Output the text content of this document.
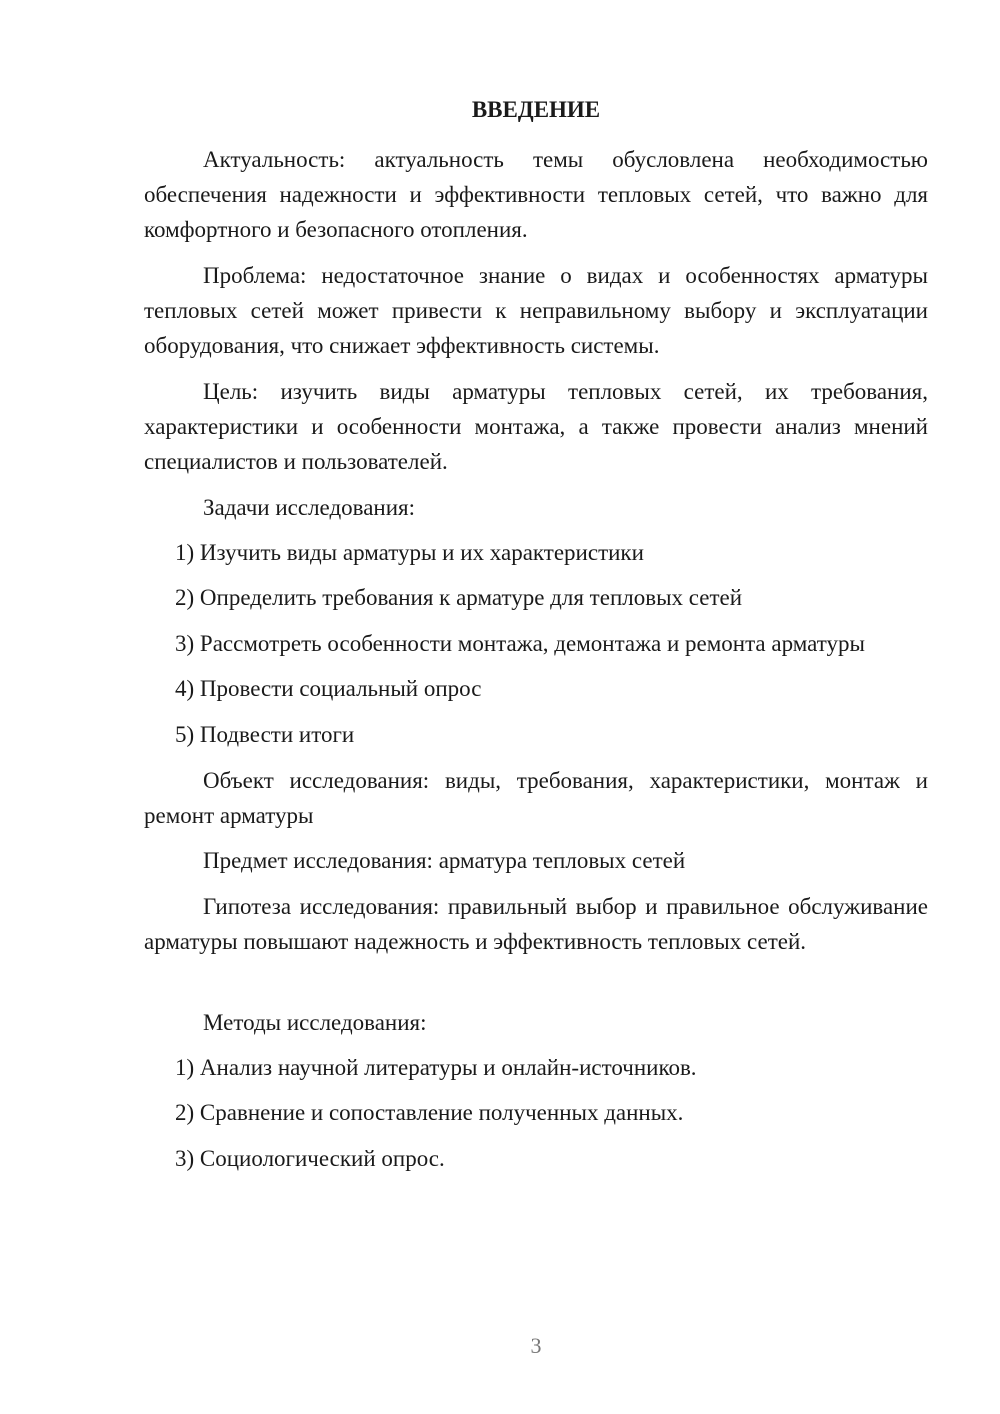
ВВЕДЕНИЕ

Актуальность: актуальность темы обусловлена необходимостью обеспечения надежности и эффективности тепловых сетей, что важно для комфортного и безопасного отопления.

Проблема: недостаточное знание о видах и особенностях арматуры тепловых сетей может привести к неправильному выбору и эксплуатации оборудования, что снижает эффективность системы.

Цель: изучить виды арматуры тепловых сетей, их требования, характеристики и особенности монтажа, а также провести анализ мнений специалистов и пользователей.

Задачи исследования:

1) Изучить виды арматуры и их характеристики

2) Определить требования к арматуре для тепловых сетей

3) Рассмотреть особенности монтажа, демонтажа и ремонта арматуры

4) Провести социальный опрос

5) Подвести итоги

Объект исследования: виды, требования, характеристики, монтаж и ремонт арматуры

Предмет исследования: арматура тепловых сетей

Гипотеза исследования: правильный выбор и правильное обслуживание арматуры повышают надежность и эффективность тепловых сетей.

Методы исследования:

1) Анализ научной литературы и онлайн-источников.

2) Сравнение и сопоставление полученных данных.

3) Социологический опрос.

3
